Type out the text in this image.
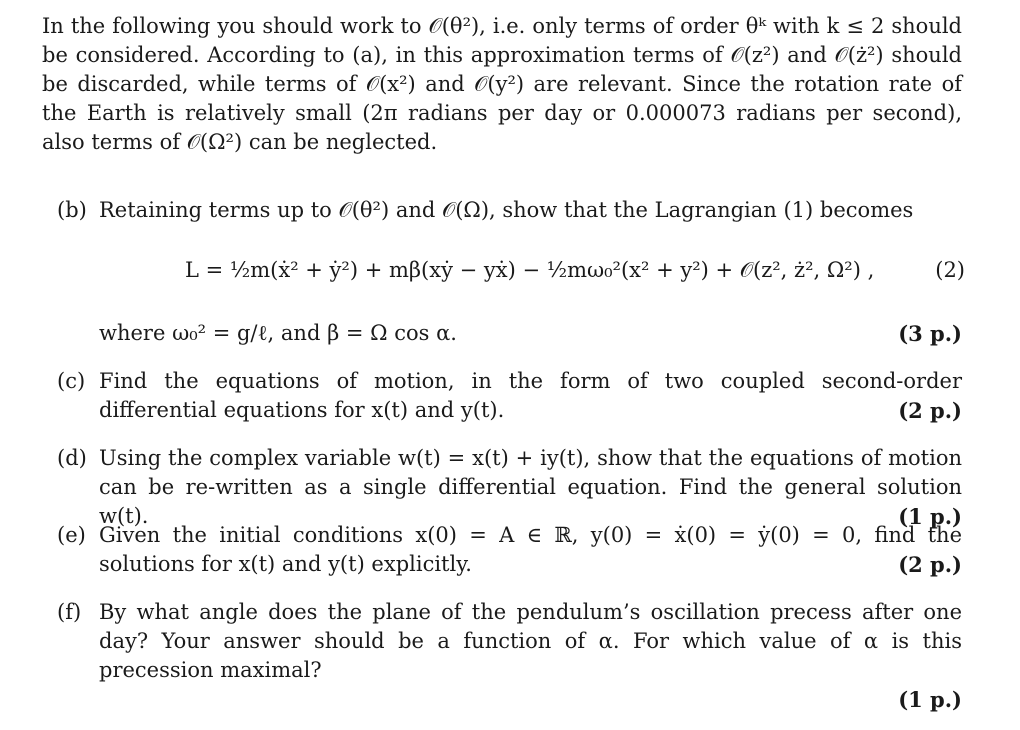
In the following you should work to 𝒪(θ²), i.e. only terms of order θᵏ with k ≤ 2 should be considered. According to (a), in this approximation terms of 𝒪(z²) and 𝒪(ż²) should be discarded, while terms of 𝒪(x²) and 𝒪(y²) are relevant. Since the rotation rate of the Earth is relatively small (2π radians per day or 0.000073 radians per second), also terms of 𝒪(Ω²) can be neglected.
(b) Retaining terms up to 𝒪(θ²) and 𝒪(Ω), show that the Lagrangian (1) becomes
L = ½m(ẋ² + ẏ²) + mβ(xẏ − yẋ) − ½mω₀²(x² + y²) + 𝒪(z², ż², Ω²) ,	(2)
(3 p.)
where ω₀² = g/ℓ, and β = Ω cos α.
(c) Find the equations of motion, in the form of two coupled second-order differential equations for x(t) and y(t).	(2 p.)
(d) Using the complex variable w(t) = x(t) + iy(t), show that the equations of motion can be re-written as a single differential equation. Find the general solution w(t).	(1 p.)
(e) Given the initial conditions x(0) = A ∈ ℝ, y(0) = ẋ(0) = ẏ(0) = 0, find the solutions for x(t) and y(t) explicitly.	(2 p.)
(f) By what angle does the plane of the pendulum’s oscillation precess after one day? Your answer should be a function of α. For which value of α is this precession maximal?
(1 p.)
